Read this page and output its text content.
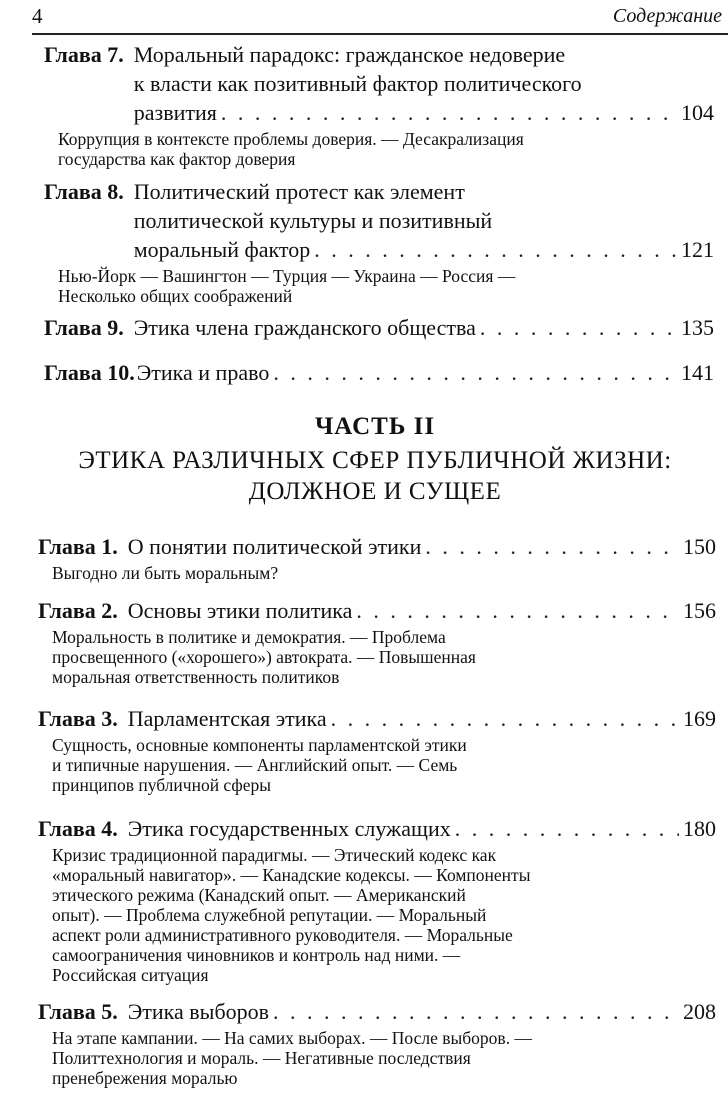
4	Содержание
Глава 7. Моральный парадокс: гражданское недоверие
к власти как позитивный фактор политического
развития . . .	104
Коррупция в контексте проблемы доверия. — Десакрализация
государства как фактор доверия
Глава 8. Политический протест как элемент
политической культуры и позитивный
моральный фактор . . .	121
Нью-Йорк — Вашингтон — Турция — Украина — Россия —
Несколько общих соображений
Глава 9. Этика члена гражданского общества . . .	135
Глава 10. Этика и право . . .	141
ЧАСТЬ II
ЭТИКА РАЗЛИЧНЫХ СФЕР ПУБЛИЧНОЙ ЖИЗНИ:
ДОЛЖНОЕ И СУЩЕЕ
Глава 1. О понятии политической этики . . .	150
Выгодно ли быть моральным?
Глава 2. Основы этики политика . . .	156
Моральность в политике и демократия. — Проблема
просвещенного («хорошего») автократа. — Повышенная
моральная ответственность политиков
Глава 3. Парламентская этика . . .	169
Сущность, основные компоненты парламентской этики
и типичные нарушения. — Английский опыт. — Семь
принципов публичной сферы
Глава 4. Этика государственных служащих . . .	180
Кризис традиционной парадигмы. — Этический кодекс как
«моральный навигатор». — Канадские кодексы. — Компоненты
этического режима (Канадский опыт. — Американский
опыт). — Проблема служебной репутации. — Моральный
аспект роли административного руководителя. — Моральные
самоограничения чиновников и контроль над ними. —
Российская ситуация
Глава 5. Этика выборов . . .	208
На этапе кампании. — На самих выборах. — После выборов. —
Политтехнология и мораль. — Негативные последствия
пренебрежения моралью
